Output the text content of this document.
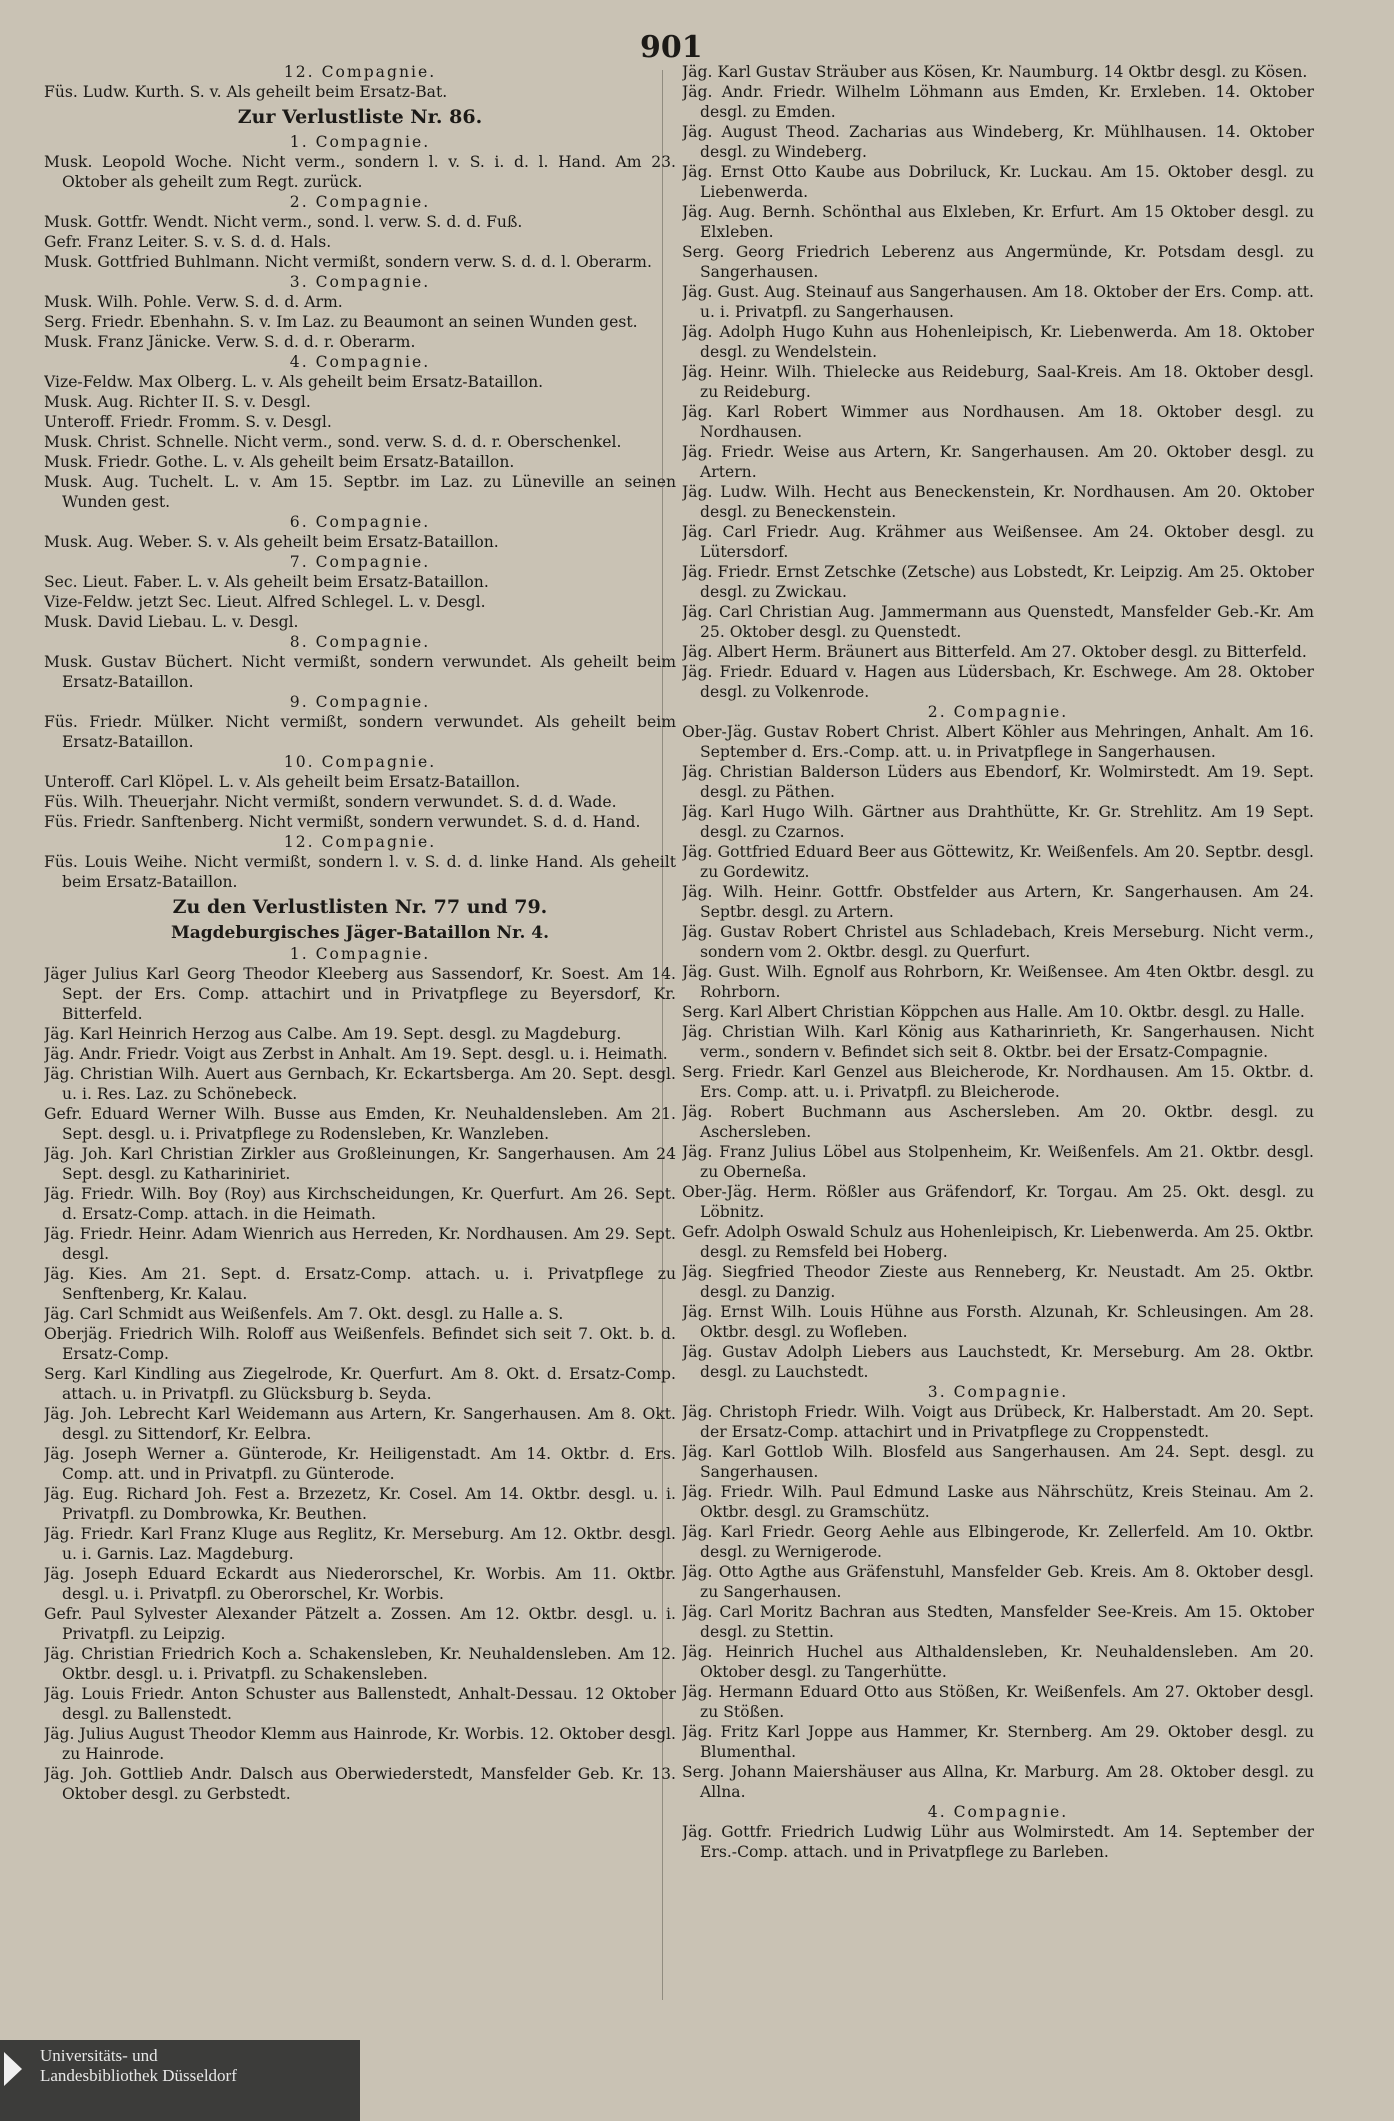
901

12. Compagnie.

Füs. Ludw. Kurth. S. v. Als geheilt beim Ersatz-Bat.

Zur Verlustliste Nr. 86.

1. Compagnie.

Musk. Leopold Woche. Nicht verm., sondern l. v. S. i. d. l. Hand. Am 23. Oktober als geheilt zum Regt. zurück.

2. Compagnie.

Musk. Gottfr. Wendt. Nicht verm., sond. l. verw. S. d. d. Fuß.

Gefr. Franz Leiter. S. v. S. d. d. Hals.

Musk. Gottfried Buhlmann. Nicht vermißt, sondern verw. S. d. d. l. Oberarm.

3. Compagnie.

Musk. Wilh. Pohle. Verw. S. d. d. Arm.

Serg. Friedr. Ebenhahn. S. v. Im Laz. zu Beaumont an seinen Wunden gest.

Musk. Franz Jänicke. Verw. S. d. d. r. Oberarm.

4. Compagnie.

Vize-Feldw. Max Olberg. L. v. Als geheilt beim Ersatz-Bataillon.

Musk. Aug. Richter II. S. v. Desgl.

Unteroff. Friedr. Fromm. S. v. Desgl.

Musk. Christ. Schnelle. Nicht verm., sond. verw. S. d. d. r. Oberschenkel.

Musk. Friedr. Gothe. L. v. Als geheilt beim Ersatz-Bataillon.

Musk. Aug. Tuchelt. L. v. Am 15. Septbr. im Laz. zu Lüneville an seinen Wunden gest.

6. Compagnie.

Musk. Aug. Weber. S. v. Als geheilt beim Ersatz-Bataillon.

7. Compagnie.

Sec. Lieut. Faber. L. v. Als geheilt beim Ersatz-Bataillon.

Vize-Feldw. jetzt Sec. Lieut. Alfred Schlegel. L. v. Desgl.

Musk. David Liebau. L. v. Desgl.

8. Compagnie.

Musk. Gustav Büchert. Nicht vermißt, sondern verwundet. Als geheilt beim Ersatz-Bataillon.

9. Compagnie.

Füs. Friedr. Mülker. Nicht vermißt, sondern verwundet. Als geheilt beim Ersatz-Bataillon.

10. Compagnie.

Unteroff. Carl Klöpel. L. v. Als geheilt beim Ersatz-Bataillon.

Füs. Wilh. Theuerjahr. Nicht vermißt, sondern verwundet. S. d. d. Wade.

Füs. Friedr. Sanftenberg. Nicht vermißt, sondern verwundet. S. d. d. Hand.

12. Compagnie.

Füs. Louis Weihe. Nicht vermißt, sondern l. v. S. d. d. linke Hand. Als geheilt beim Ersatz-Bataillon.

Zu den Verlustlisten Nr. 77 und 79.

Magdeburgisches Jäger-Bataillon Nr. 4.

1. Compagnie.

Jäger Julius Karl Georg Theodor Kleeberg aus Sassendorf, Kr. Soest. Am 14. Sept. der Ers. Comp. attachirt und in Privatpflege zu Beyersdorf, Kr. Bitterfeld.

Jäg. Karl Heinrich Herzog aus Calbe. Am 19. Sept. desgl. zu Magdeburg.

Jäg. Andr. Friedr. Voigt aus Zerbst in Anhalt. Am 19. Sept. desgl. u. i. Heimath.

Jäg. Christian Wilh. Auert aus Gernbach, Kr. Eckartsberga. Am 20. Sept. desgl. u. i. Res. Laz. zu Schönebeck.

Gefr. Eduard Werner Wilh. Busse aus Emden, Kr. Neuhaldensleben. Am 21. Sept. desgl. u. i. Privatpflege zu Rodensleben, Kr. Wanzleben.

Jäg. Joh. Karl Christian Zirkler aus Großleinungen, Kr. Sangerhausen. Am 24 Sept. desgl. zu Kathariniriet.

Jäg. Friedr. Wilh. Boy (Roy) aus Kirchscheidungen, Kr. Querfurt. Am 26. Sept. d. Ersatz-Comp. attach. in die Heimath.

Jäg. Friedr. Heinr. Adam Wienrich aus Herreden, Kr. Nordhausen. Am 29. Sept. desgl.

Jäg. Kies. Am 21. Sept. d. Ersatz-Comp. attach. u. i. Privatpflege zu Senftenberg, Kr. Kalau.

Jäg. Carl Schmidt aus Weißenfels. Am 7. Okt. desgl. zu Halle a. S.

Oberjäg. Friedrich Wilh. Roloff aus Weißenfels. Befindet sich seit 7. Okt. b. d. Ersatz-Comp.

Serg. Karl Kindling aus Ziegelrode, Kr. Querfurt. Am 8. Okt. d. Ersatz-Comp. attach. u. in Privatpfl. zu Glücksburg b. Seyda.

Jäg. Joh. Lebrecht Karl Weidemann aus Artern, Kr. Sangerhausen. Am 8. Okt. desgl. zu Sittendorf, Kr. Eelbra.

Jäg. Joseph Werner a. Günterode, Kr. Heiligenstadt. Am 14. Oktbr. d. Ers. Comp. att. und in Privatpfl. zu Günterode.

Jäg. Eug. Richard Joh. Fest a. Brzezetz, Kr. Cosel. Am 14. Oktbr. desgl. u. i. Privatpfl. zu Dombrowka, Kr. Beuthen.

Jäg. Friedr. Karl Franz Kluge aus Reglitz, Kr. Merseburg. Am 12. Oktbr. desgl. u. i. Garnis. Laz. Magdeburg.

Jäg. Joseph Eduard Eckardt aus Niederorschel, Kr. Worbis. Am 11. Oktbr. desgl. u. i. Privatpfl. zu Oberorschel, Kr. Worbis.

Gefr. Paul Sylvester Alexander Pätzelt a. Zossen. Am 12. Oktbr. desgl. u. i. Privatpfl. zu Leipzig.

Jäg. Christian Friedrich Koch a. Schakensleben, Kr. Neuhaldensleben. Am 12. Oktbr. desgl. u. i. Privatpfl. zu Schakensleben.

Jäg. Louis Friedr. Anton Schuster aus Ballenstedt, Anhalt-Dessau. 12 Oktober desgl. zu Ballenstedt.

Jäg. Julius August Theodor Klemm aus Hainrode, Kr. Worbis. 12. Oktober desgl. zu Hainrode.

Jäg. Joh. Gottlieb Andr. Dalsch aus Oberwiederstedt, Mansfelder Geb. Kr. 13. Oktober desgl. zu Gerbstedt.

Jäg. Karl Gustav Sträuber aus Kösen, Kr. Naumburg. 14 Oktbr desgl. zu Kösen.

Jäg. Andr. Friedr. Wilhelm Löhmann aus Emden, Kr. Erxleben. 14. Oktober desgl. zu Emden.

Jäg. August Theod. Zacharias aus Windeberg, Kr. Mühlhausen. 14. Oktober desgl. zu Windeberg.

Jäg. Ernst Otto Kaube aus Dobriluck, Kr. Luckau. Am 15. Oktober desgl. zu Liebenwerda.

Jäg. Aug. Bernh. Schönthal aus Elxleben, Kr. Erfurt. Am 15 Oktober desgl. zu Elxleben.

Serg. Georg Friedrich Leberenz aus Angermünde, Kr. Potsdam desgl. zu Sangerhausen.

Jäg. Gust. Aug. Steinauf aus Sangerhausen. Am 18. Oktober der Ers. Comp. att. u. i. Privatpfl. zu Sangerhausen.

Jäg. Adolph Hugo Kuhn aus Hohenleipisch, Kr. Liebenwerda. Am 18. Oktober desgl. zu Wendelstein.

Jäg. Heinr. Wilh. Thielecke aus Reideburg, Saal-Kreis. Am 18. Oktober desgl. zu Reideburg.

Jäg. Karl Robert Wimmer aus Nordhausen. Am 18. Oktober desgl. zu Nordhausen.

Jäg. Friedr. Weise aus Artern, Kr. Sangerhausen. Am 20. Oktober desgl. zu Artern.

Jäg. Ludw. Wilh. Hecht aus Beneckenstein, Kr. Nordhausen. Am 20. Oktober desgl. zu Beneckenstein.

Jäg. Carl Friedr. Aug. Krähmer aus Weißensee. Am 24. Oktober desgl. zu Lütersdorf.

Jäg. Friedr. Ernst Zetschke (Zetsche) aus Lobstedt, Kr. Leipzig. Am 25. Oktober desgl. zu Zwickau.

Jäg. Carl Christian Aug. Jammermann aus Quenstedt, Mansfelder Geb.-Kr. Am 25. Oktober desgl. zu Quenstedt.

Jäg. Albert Herm. Bräunert aus Bitterfeld. Am 27. Oktober desgl. zu Bitterfeld.

Jäg. Friedr. Eduard v. Hagen aus Lüdersbach, Kr. Eschwege. Am 28. Oktober desgl. zu Volkenrode.

2. Compagnie.

Ober-Jäg. Gustav Robert Christ. Albert Köhler aus Mehringen, Anhalt. Am 16. September d. Ers.-Comp. att. u. in Privatpflege in Sangerhausen.

Jäg. Christian Balderson Lüders aus Ebendorf, Kr. Wolmirstedt. Am 19. Sept. desgl. zu Päthen.

Jäg. Karl Hugo Wilh. Gärtner aus Drahthütte, Kr. Gr. Strehlitz. Am 19 Sept. desgl. zu Czarnos.

Jäg. Gottfried Eduard Beer aus Göttewitz, Kr. Weißenfels. Am 20. Septbr. desgl. zu Gordewitz.

Jäg. Wilh. Heinr. Gottfr. Obstfelder aus Artern, Kr. Sangerhausen. Am 24. Septbr. desgl. zu Artern.

Jäg. Gustav Robert Christel aus Schladebach, Kreis Merseburg. Nicht verm., sondern vom 2. Oktbr. desgl. zu Querfurt.

Jäg. Gust. Wilh. Egnolf aus Rohrborn, Kr. Weißensee. Am 4ten Oktbr. desgl. zu Rohrborn.

Serg. Karl Albert Christian Köppchen aus Halle. Am 10. Oktbr. desgl. zu Halle.

Jäg. Christian Wilh. Karl König aus Katharinrieth, Kr. Sangerhausen. Nicht verm., sondern v. Befindet sich seit 8. Oktbr. bei der Ersatz-Compagnie.

Serg. Friedr. Karl Genzel aus Bleicherode, Kr. Nordhausen. Am 15. Oktbr. d. Ers. Comp. att. u. i. Privatpfl. zu Bleicherode.

Jäg. Robert Buchmann aus Aschersleben. Am 20. Oktbr. desgl. zu Aschersleben.

Jäg. Franz Julius Löbel aus Stolpenheim, Kr. Weißenfels. Am 21. Oktbr. desgl. zu Oberneßa.

Ober-Jäg. Herm. Rößler aus Gräfendorf, Kr. Torgau. Am 25. Okt. desgl. zu Löbnitz.

Gefr. Adolph Oswald Schulz aus Hohenleipisch, Kr. Liebenwerda. Am 25. Oktbr. desgl. zu Remsfeld bei Hoberg.

Jäg. Siegfried Theodor Zieste aus Renneberg, Kr. Neustadt. Am 25. Oktbr. desgl. zu Danzig.

Jäg. Ernst Wilh. Louis Hühne aus Forsth. Alzunah, Kr. Schleusingen. Am 28. Oktbr. desgl. zu Wofleben.

Jäg. Gustav Adolph Liebers aus Lauchstedt, Kr. Merseburg. Am 28. Oktbr. desgl. zu Lauchstedt.

3. Compagnie.

Jäg. Christoph Friedr. Wilh. Voigt aus Drübeck, Kr. Halberstadt. Am 20. Sept. der Ersatz-Comp. attachirt und in Privatpflege zu Croppenstedt.

Jäg. Karl Gottlob Wilh. Blosfeld aus Sangerhausen. Am 24. Sept. desgl. zu Sangerhausen.

Jäg. Friedr. Wilh. Paul Edmund Laske aus Nährschütz, Kreis Steinau. Am 2. Oktbr. desgl. zu Gramschütz.

Jäg. Karl Friedr. Georg Aehle aus Elbingerode, Kr. Zellerfeld. Am 10. Oktbr. desgl. zu Wernigerode.

Jäg. Otto Agthe aus Gräfenstuhl, Mansfelder Geb. Kreis. Am 8. Oktober desgl. zu Sangerhausen.

Jäg. Carl Moritz Bachran aus Stedten, Mansfelder See-Kreis. Am 15. Oktober desgl. zu Stettin.

Jäg. Heinrich Huchel aus Althaldensleben, Kr. Neuhaldensleben. Am 20. Oktober desgl. zu Tangerhütte.

Jäg. Hermann Eduard Otto aus Stößen, Kr. Weißenfels. Am 27. Oktober desgl. zu Stößen.

Jäg. Fritz Karl Joppe aus Hammer, Kr. Sternberg. Am 29. Oktober desgl. zu Blumenthal.

Serg. Johann Maiershäuser aus Allna, Kr. Marburg. Am 28. Oktober desgl. zu Allna.

4. Compagnie.

Jäg. Gottfr. Friedrich Ludwig Lühr aus Wolmirstedt. Am 14. September der Ers.-Comp. attach. und in Privatpflege zu Barleben.

Universitäts- und
Landesbibliothek Düsseldorf
